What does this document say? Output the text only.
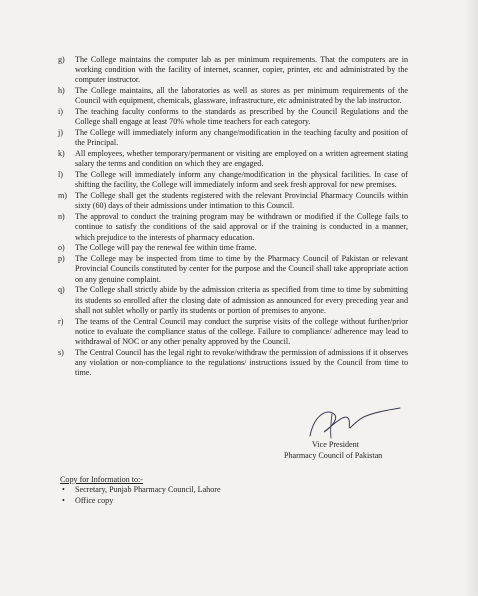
g) The College maintains the computer lab as per minimum requirements. That the computers are in working condition with the facility of internet, scanner, copier, printer, etc and administrated by the computer instructor.
h) The College maintains, all the laboratories as well as stores as per minimum requirements of the Council with equipment, chemicals, glassware, infrastructure, etc administrated by the lab instructor.
i) The teaching faculty conforms to the standards as prescribed by the Council Regulations and the College shall engage at least 70% whole time teachers for each category.
j) The College will immediately inform any change/modification in the teaching faculty and position of the Principal.
k) All employees, whether temporary/permanent or visiting are employed on a written agreement stating salary the terms and condition on which they are engaged.
l) The College will immediately inform any change/modification in the physical facilities. In case of shifting the facility, the College will immediately inform and seek fresh approval for new premises.
m) The College shall get the students registered with the relevant Provincial Pharmacy Councils within sixty (60) days of their admissions under intimation to this Council.
n) The approval to conduct the training program may be withdrawn or modified if the College fails to continue to satisfy the conditions of the said approval or if the training is conducted in a manner, which prejudice to the interests of pharmacy education.
o) The College will pay the renewal fee within time frame.
p) The College may be inspected from time to time by the Pharmacy Council of Pakistan or relevant Provincial Councils constituted by center for the purpose and the Council shall take appropriate action on any genuine complaint.
q) The College shall strictly abide by the admission criteria as specified from time to time by submitting its students so enrolled after the closing date of admission as announced for every preceding year and shall not sublet wholly or partly its students or portion of premises to anyone.
r) The teams of the Central Council may conduct the surprise visits of the college without further/prior notice to evaluate the compliance status of the college. Failure to compliance/ adherence may lead to withdrawal of NOC or any other penalty approved by the Council.
s) The Central Council has the legal right to revoke/withdraw the permission of admissions if it observes any violation or non-compliance to the regulations/ instructions issued by the Council from time to time.
Vice President
Pharmacy Council of Pakistan
Copy for Information to:-
• Secretary, Punjab Pharmacy Council, Lahore
• Office copy
